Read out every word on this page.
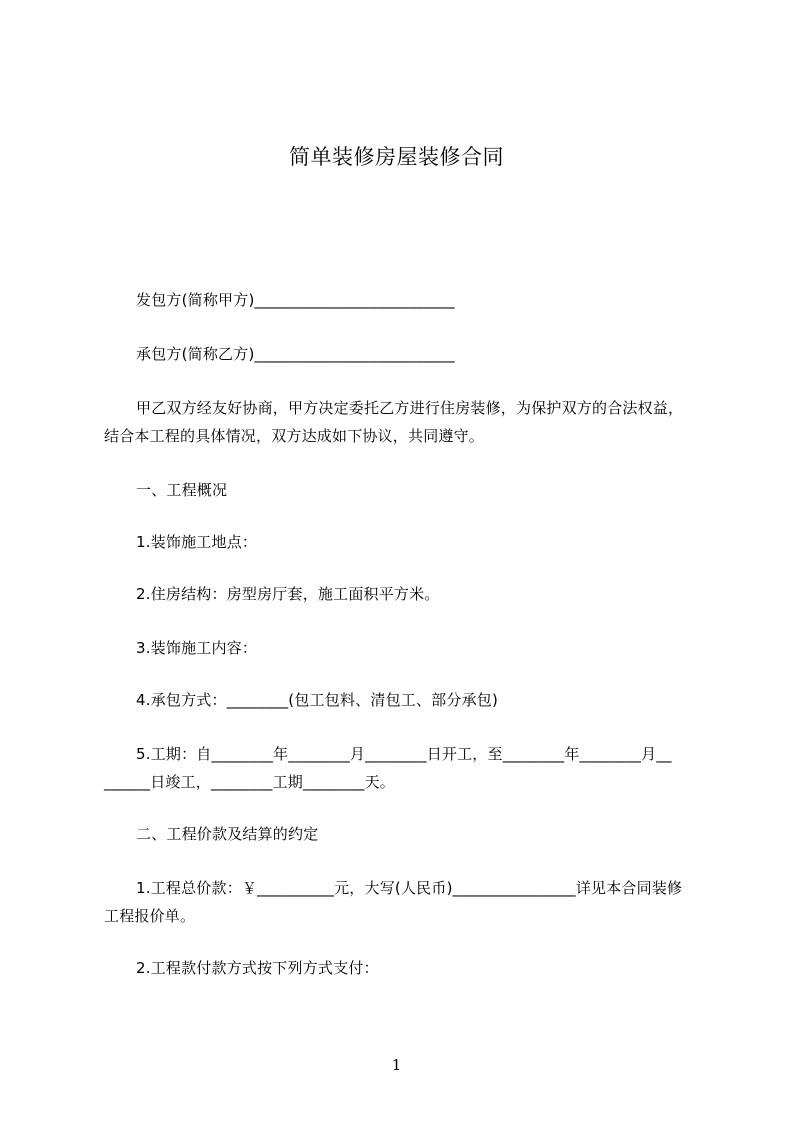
简单装修房屋装修合同
发包方(简称甲方)__________________________
承包方(简称乙方)__________________________
甲乙双方经友好协商，甲方决定委托乙方进行住房装修，为保护双方的合法权益，
结合本工程的具体情况，双方达成如下协议，共同遵守。
一、工程概况
1.装饰施工地点：
2.住房结构：房型房厅套，施工面积平方米。
3.装饰施工内容：
4.承包方式：________(包工包料、清包工、部分承包)
5.工期：自________年________月________日开工，至________年________月__
______日竣工，________工期________天。
二、工程价款及结算的约定
1.工程总价款：￥__________元，大写(人民币)________________详见本合同装修
工程报价单。
2.工程款付款方式按下列方式支付：
1
